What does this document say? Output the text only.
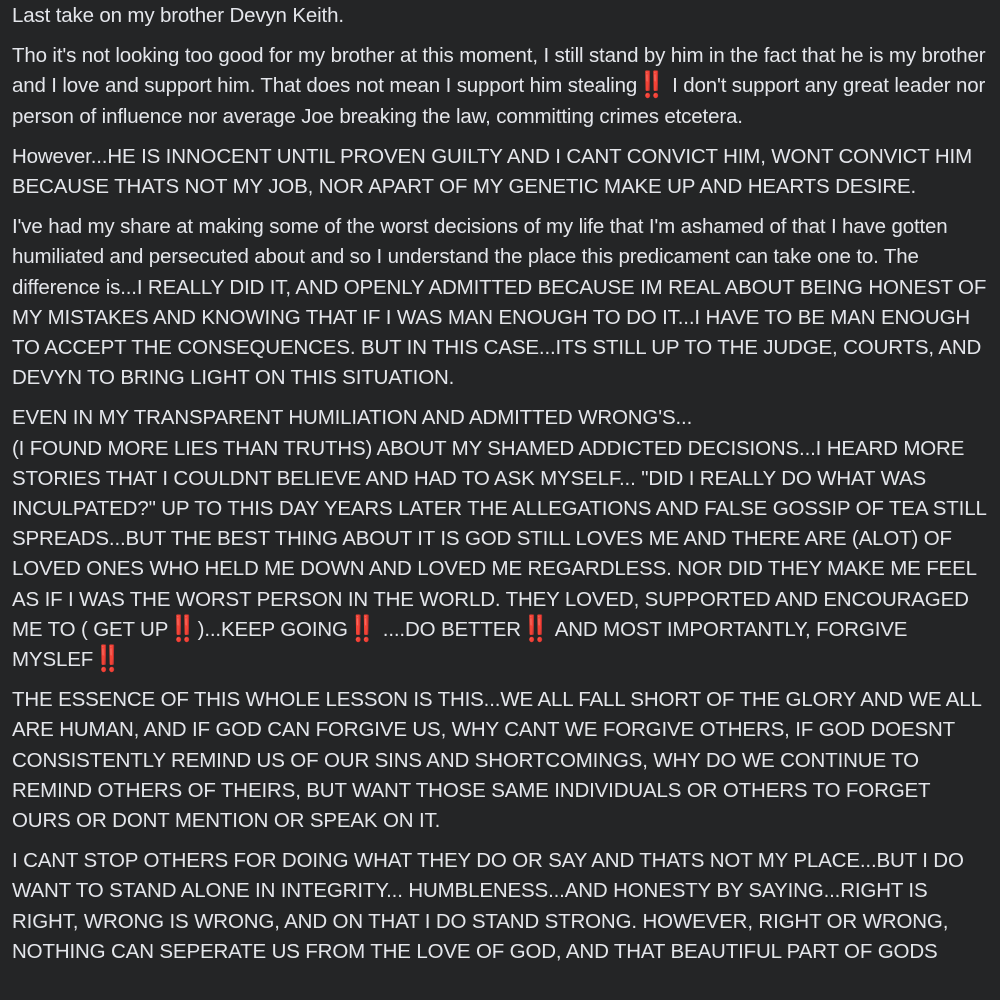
Last take on my brother Devyn Keith.

Tho it's not looking too good for my brother at this moment, I still stand by him in the fact that he is my brother and I love and support him. That does not mean I support him stealing‼️ I don't support any great leader nor person of influence nor average Joe breaking the law, committing crimes etcetera.

However...HE IS INNOCENT UNTIL PROVEN GUILTY AND I CANT CONVICT HIM, WONT CONVICT HIM BECAUSE THATS NOT MY JOB, NOR APART OF MY GENETIC MAKE UP AND HEARTS DESIRE.

I've had my share at making some of the worst decisions of my life that I'm ashamed of that I have gotten humiliated and persecuted about and so I understand the place this predicament can take one to. The difference is...I REALLY DID IT, AND OPENLY ADMITTED BECAUSE IM REAL ABOUT BEING HONEST OF MY MISTAKES AND KNOWING THAT IF I WAS MAN ENOUGH TO DO IT...I HAVE TO BE MAN ENOUGH TO ACCEPT THE CONSEQUENCES. BUT IN THIS CASE...ITS STILL UP TO THE JUDGE, COURTS, AND DEVYN TO BRING LIGHT ON THIS SITUATION.

EVEN IN MY TRANSPARENT HUMILIATION AND ADMITTED WRONG'S...
(I FOUND MORE LIES THAN TRUTHS) ABOUT MY SHAMED ADDICTED DECISIONS...I HEARD MORE STORIES THAT I COULDNT BELIEVE AND HAD TO ASK MYSELF... "DID I REALLY DO WHAT WAS INCULPATED?" UP TO THIS DAY YEARS LATER THE ALLEGATIONS AND FALSE GOSSIP OF TEA STILL SPREADS...BUT THE BEST THING ABOUT IT IS GOD STILL LOVES ME AND THERE ARE (ALOT) OF LOVED ONES WHO HELD ME DOWN AND LOVED ME REGARDLESS. NOR DID THEY MAKE ME FEEL AS IF I WAS THE WORST PERSON IN THE WORLD. THEY LOVED, SUPPORTED AND ENCOURAGED ME TO ( GET UP‼️ )...KEEP GOING‼️ ....DO BETTER‼️ AND MOST IMPORTANTLY, FORGIVE MYSLEF‼️

THE ESSENCE OF THIS WHOLE LESSON IS THIS...WE ALL FALL SHORT OF THE GLORY AND WE ALL ARE HUMAN, AND IF GOD CAN FORGIVE US, WHY CANT WE FORGIVE OTHERS, IF GOD DOESNT CONSISTENTLY REMIND US OF OUR SINS AND SHORTCOMINGS, WHY DO WE CONTINUE TO REMIND OTHERS OF THEIRS, BUT WANT THOSE SAME INDIVIDUALS OR OTHERS TO FORGET OURS OR DONT MENTION OR SPEAK ON IT.

I CANT STOP OTHERS FOR DOING WHAT THEY DO OR SAY AND THATS NOT MY PLACE...BUT I DO WANT TO STAND ALONE IN INTEGRITY... HUMBLENESS...AND HONESTY BY SAYING...RIGHT IS RIGHT, WRONG IS WRONG, AND ON THAT I DO STAND STRONG. HOWEVER, RIGHT OR WRONG, NOTHING CAN SEPERATE US FROM THE LOVE OF GOD, AND THAT BEAUTIFUL PART OF GODS
